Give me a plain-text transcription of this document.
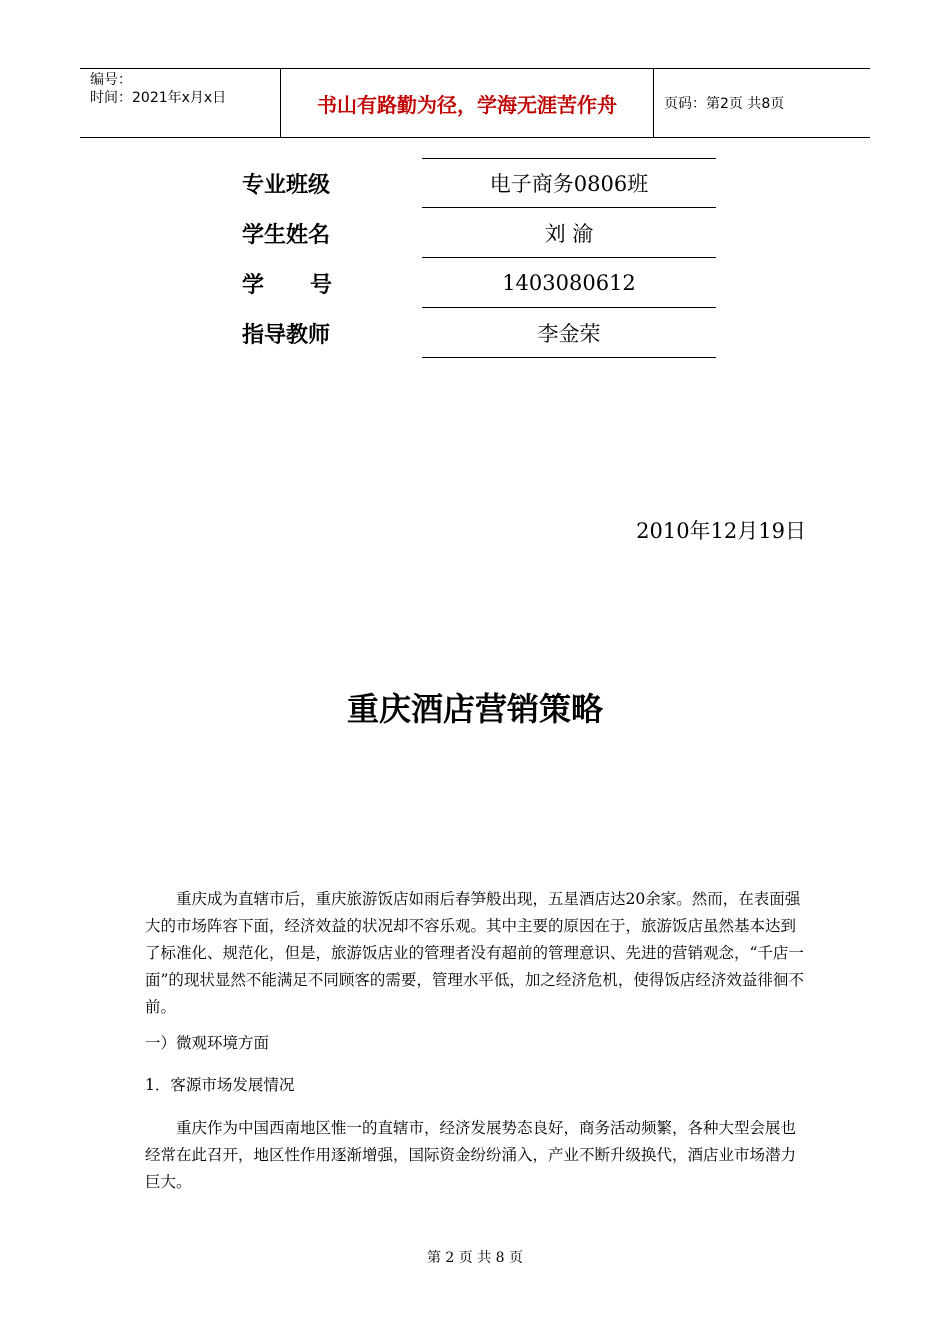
编号：
时间：2021年x月x日	书山有路勤为径，学海无涯苦作舟	页码：第2页 共8页
专业班级	电子商务0806班
学生姓名	刘 渝
学      号	1403080612
指导教师	李金荣
2010年12月19日
重庆酒店营销策略
重庆成为直辖市后，重庆旅游饭店如雨后春笋般出现，五星酒店达20余家。然而，在表面强大的市场阵容下面，经济效益的状况却不容乐观。其中主要的原因在于，旅游饭店虽然基本达到了标准化、规范化，但是，旅游饭店业的管理者没有超前的管理意识、先进的营销观念，“千店一面”的现状显然不能满足不同顾客的需要，管理水平低，加之经济危机，使得饭店经济效益徘徊不前。
一）微观环境方面
1．客源市场发展情况
重庆作为中国西南地区惟一的直辖市，经济发展势态良好，商务活动频繁，各种大型会展也经常在此召开，地区性作用逐渐增强，国际资金纷纷涌入，产业不断升级换代，酒店业市场潜力巨大。
第 2 页 共 8 页
